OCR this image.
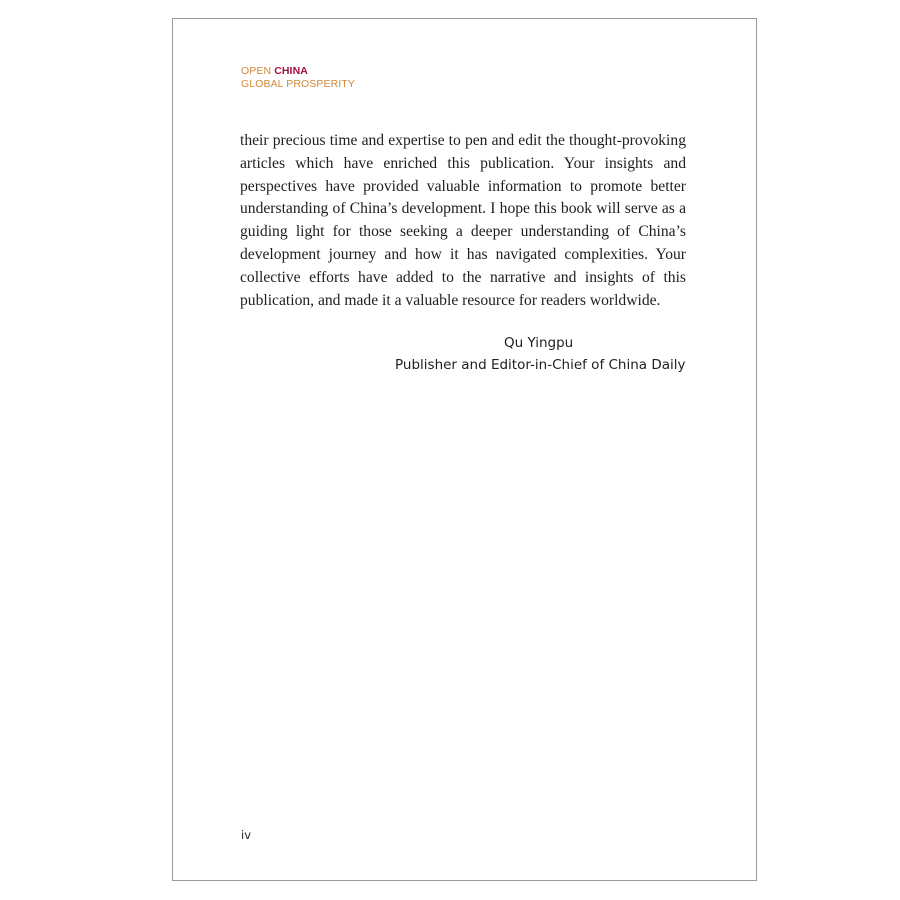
OPEN CHINA
GLOBAL PROSPERITY

their precious time and expertise to pen and edit the thought-provoking articles which have enriched this publication. Your insights and perspectives have provided valuable information to promote better understanding of China’s development. I hope this book will serve as a guiding light for those seeking a deeper understanding of China’s development journey and how it has navigated complexities. Your collective efforts have added to the narrative and insights of this publication, and made it a valuable resource for readers worldwide.

Qu Yingpu
Publisher and Editor-in-Chief of China Daily
iv
